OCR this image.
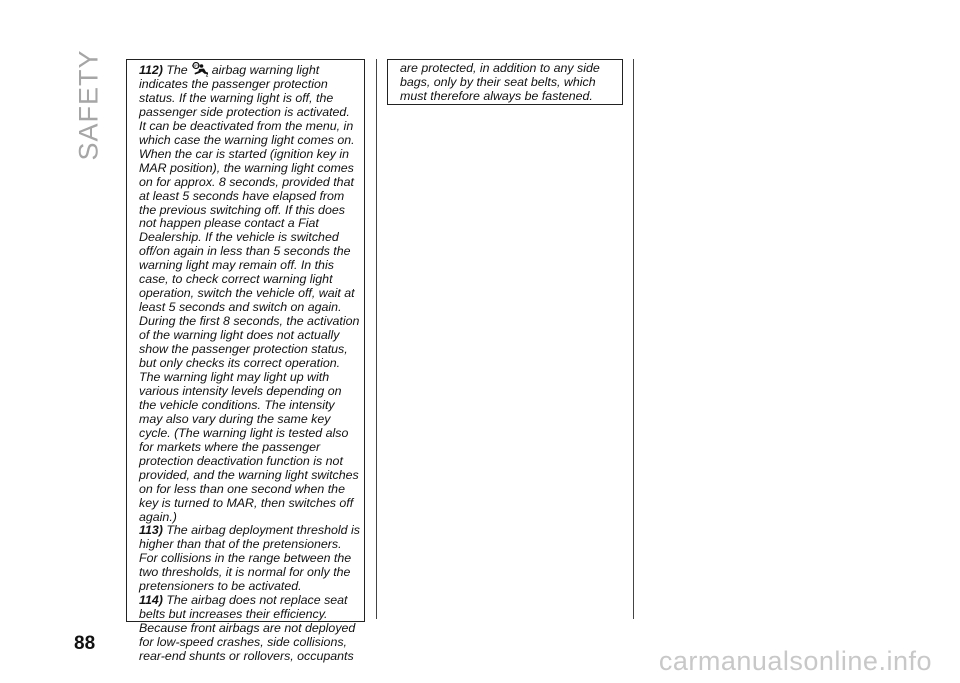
SAFETY	112) The OFF
2 airbag warning light indicates the passenger protection status. If the warning light is off, the passenger side protection is activated. It can be deactivated from the menu, in which case the warning light comes on. When the car is started (ignition key in MAR position), the warning light comes on for approx. 8 seconds, provided that at least 5 seconds have elapsed from the previous switching off. If this does not happen please contact a Fiat Dealership. If the vehicle is switched off/on again in less than 5 seconds the warning light may remain off. In this case, to check correct warning light operation, switch the vehicle off, wait at least 5 seconds and switch on again. During the first 8 seconds, the activation of the warning light does not actually show the passenger protection status, but only checks its correct operation. The warning light may light up with various intensity levels depending on the vehicle conditions. The intensity may also vary during the same key cycle. (The warning light is tested also for markets where the passenger protection deactivation function is not provided, and the warning light switches on for less than one second when the key is turned to MAR, then switches off again.)

113) The airbag deployment threshold is higher than that of the pretensioners. For collisions in the range between the two thresholds, it is normal for only the pretensioners to be activated.

114) The airbag does not replace seat belts but increases their efficiency. Because front airbags are not deployed for low-speed crashes, side collisions, rear-end shunts or rollovers, occupants

are protected, in addition to any side bags, only by their seat belts, which must therefore always be fastened.

88
carmanualsonline.info
